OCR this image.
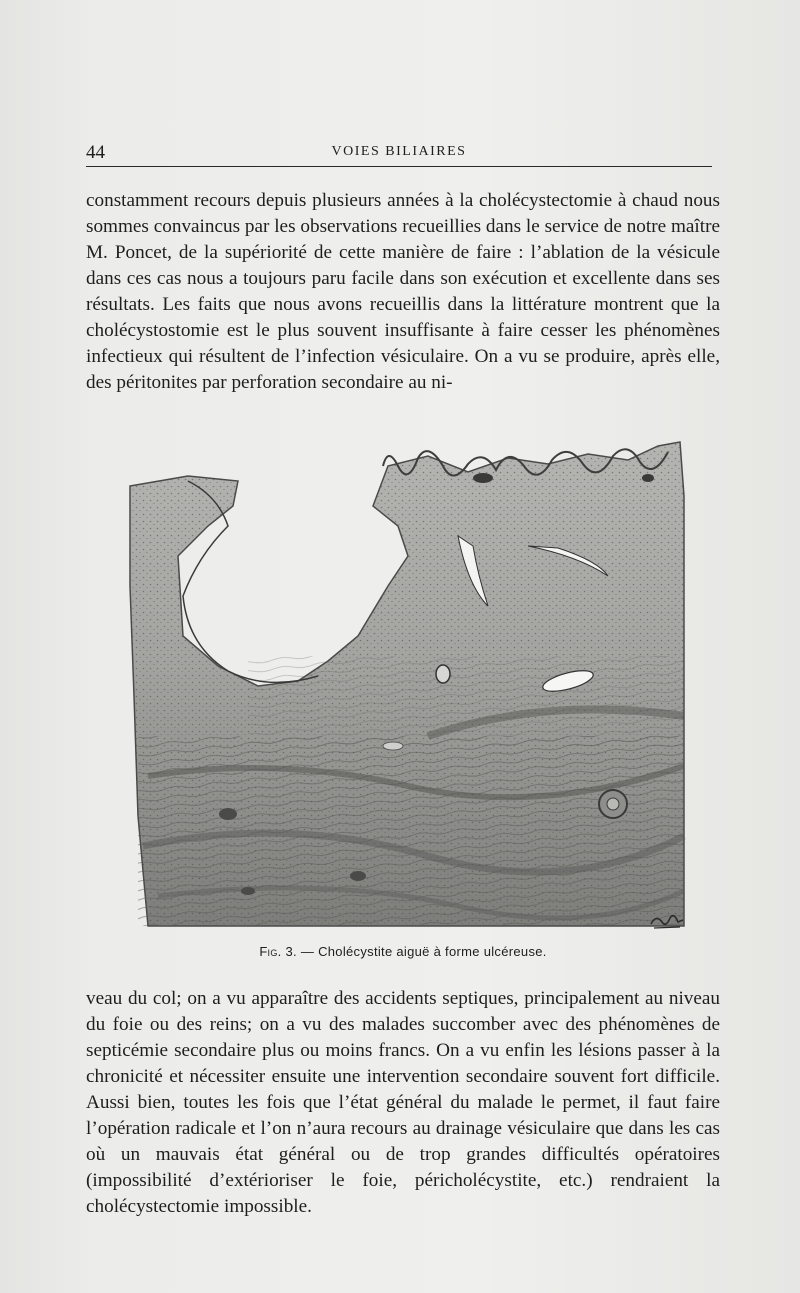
44	VOIES BILIAIRES

constamment recours depuis plusieurs années à la cholécystectomie à chaud nous sommes convaincus par les observations recueillies dans le service de notre maître M. Poncet, de la supériorité de cette manière de faire : l’ablation de la vésicule dans ces cas nous a toujours paru facile dans son exécution et excellente dans ses résultats. Les faits que nous avons recueillis dans la littérature montrent que la cholécystostomie est le plus souvent insuffisante à faire cesser les phénomènes infectieux qui résultent de l’infection vésiculaire. On a vu se produire, après elle, des péritonites par perforation secondaire au ni-

Fig. 3. — Cholécystite aiguë à forme ulcéreuse.

veau du col; on a vu apparaître des accidents septiques, principalement au niveau du foie ou des reins; on a vu des malades succomber avec des phénomènes de septicémie secondaire plus ou moins francs. On a vu enfin les lésions passer à la chronicité et nécessiter ensuite une intervention secondaire souvent fort difficile. Aussi bien, toutes les fois que l’état général du malade le permet, il faut faire l’opération radicale et l’on n’aura recours au drainage vésiculaire que dans les cas où un mauvais état général ou de trop grandes difficultés opératoires (impossibilité d’extérioriser le foie, péricholécystite, etc.) rendraient la cholécystectomie impossible.
